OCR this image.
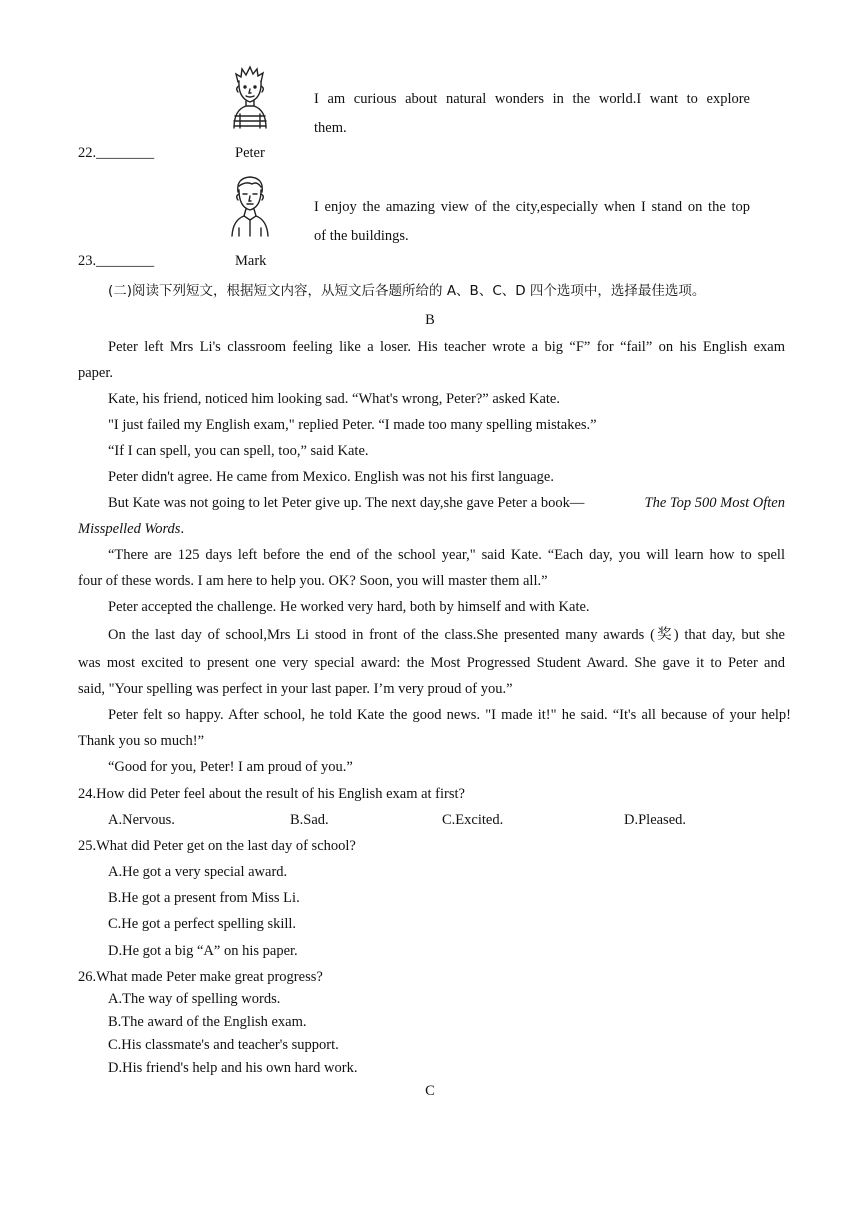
I am curious about natural wonders in the world.I want to explore
them.
22.________	Peter
I enjoy the amazing view of the city,especially when I stand on the top
of the buildings.
23.________	Mark
(二)阅读下列短文，根据短文内容，从短文后各题所给的 A、B、C、D 四个选项中，选择最佳选项。
B
Peter left Mrs Li's classroom feeling like a loser. His teacher wrote a big “F” for “fail” on his English exam
paper.
Kate, his friend, noticed him looking sad. “What's wrong, Peter?” asked Kate.
"I just failed my English exam," replied Peter. “I made too many spelling mistakes.”
“If I can spell, you can spell, too,” said Kate.
Peter didn't agree. He came from Mexico. English was not his first language.
But Kate was not going to let Peter give up. The next day,she gave Peter a book—	The Top 500 Most Often
Misspelled Words.
“There are 125 days left before the end of the school year," said Kate. “Each day, you will learn how to spell
four of these words. I am here to help you. OK? Soon, you will master them all.”
Peter accepted the challenge. He worked very hard, both by himself and with Kate.
On the last day of school,Mrs Li stood in front of the class.She presented many awards (奖) that day, but she
was most excited to present one very special award: the Most Progressed Student Award. She gave it to Peter and
said, "Your spelling was perfect in your last paper. I’m very proud of you.”
Peter felt so happy. After school, he told Kate the good news. "I made it!" he said. “It's all because of your help!
Thank you so much!”
“Good for you, Peter! I am proud of you.”
24.How did Peter feel about the result of his English exam at first?
A.Nervous.	B.Sad.	C.Excited.	D.Pleased.
25.What did Peter get on the last day of school?
A.He got a very special award.
B.He got a present from Miss Li.
C.He got a perfect spelling skill.
D.He got a big “A” on his paper.
26.What made Peter make great progress?
A.The way of spelling words.
B.The award of the English exam.
C.His classmate's and teacher's support.
D.His friend's help and his own hard work.
C
